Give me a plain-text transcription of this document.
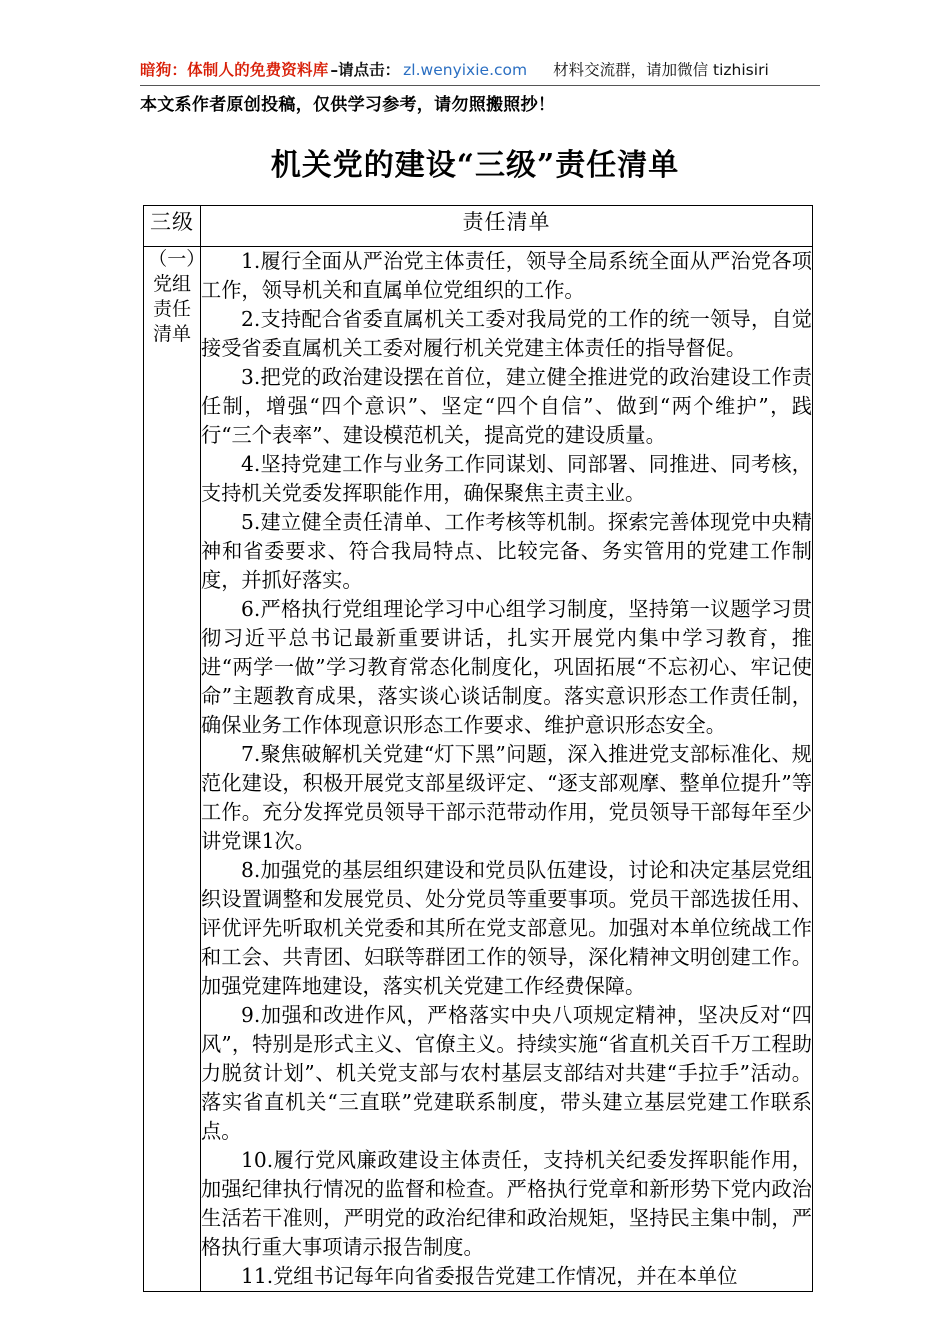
暗狗：体制人的免费资料库 –请点击： zl.wenyixie.com 材料交流群，请加微信 tizhisiri
本文系作者原创投稿，仅供学习参考，请勿照搬照抄！
机关党的建设“三级”责任清单
三级	责任清单

（一）党组责任清单

1.履行全面从严治党主体责任，领导全局系统全面从严治党各项工作，领导机关和直属单位党组织的工作。

2.支持配合省委直属机关工委对我局党的工作的统一领导，自觉接受省委直属机关工委对履行机关党建主体责任的指导督促。

3.把党的政治建设摆在首位，建立健全推进党的政治建设工作责任制，增强“四个意识”、坚定“四个自信”、做到“两个维护”，践行“三个表率”、建设模范机关，提高党的建设质量。

4.坚持党建工作与业务工作同谋划、同部署、同推进、同考核，支持机关党委发挥职能作用，确保聚焦主责主业。

5.建立健全责任清单、工作考核等机制。探索完善体现党中央精神和省委要求、符合我局特点、比较完备、务实管用的党建工作制度，并抓好落实。

6.严格执行党组理论学习中心组学习制度，坚持第一议题学习贯彻习近平总书记最新重要讲话，扎实开展党内集中学习教育，推进“两学一做”学习教育常态化制度化，巩固拓展“不忘初心、牢记使命”主题教育成果，落实谈心谈话制度。落实意识形态工作责任制，确保业务工作体现意识形态工作要求、维护意识形态安全。

7.聚焦破解机关党建“灯下黑”问题，深入推进党支部标准化、规范化建设，积极开展党支部星级评定、“逐支部观摩、整单位提升”等工作。充分发挥党员领导干部示范带动作用，党员领导干部每年至少讲党课1次。

8.加强党的基层组织建设和党员队伍建设，讨论和决定基层党组织设置调整和发展党员、处分党员等重要事项。党员干部选拔任用、评优评先听取机关党委和其所在党支部意见。加强对本单位统战工作和工会、共青团、妇联等群团工作的领导，深化精神文明创建工作。加强党建阵地建设，落实机关党建工作经费保障。

9.加强和改进作风，严格落实中央八项规定精神，坚决反对“四风”，特别是形式主义、官僚主义。持续实施“省直机关百千万工程助力脱贫计划”、机关党支部与农村基层支部结对共建“手拉手”活动。落实省直机关“三直联”党建联系制度，带头建立基层党建工作联系点。

10.履行党风廉政建设主体责任，支持机关纪委发挥职能作用，加强纪律执行情况的监督和检查。严格执行党章和新形势下党内政治生活若干准则，严明党的政治纪律和政治规矩，坚持民主集中制，严格执行重大事项请示报告制度。

11.党组书记每年向省委报告党建工作情况，并在本单位
